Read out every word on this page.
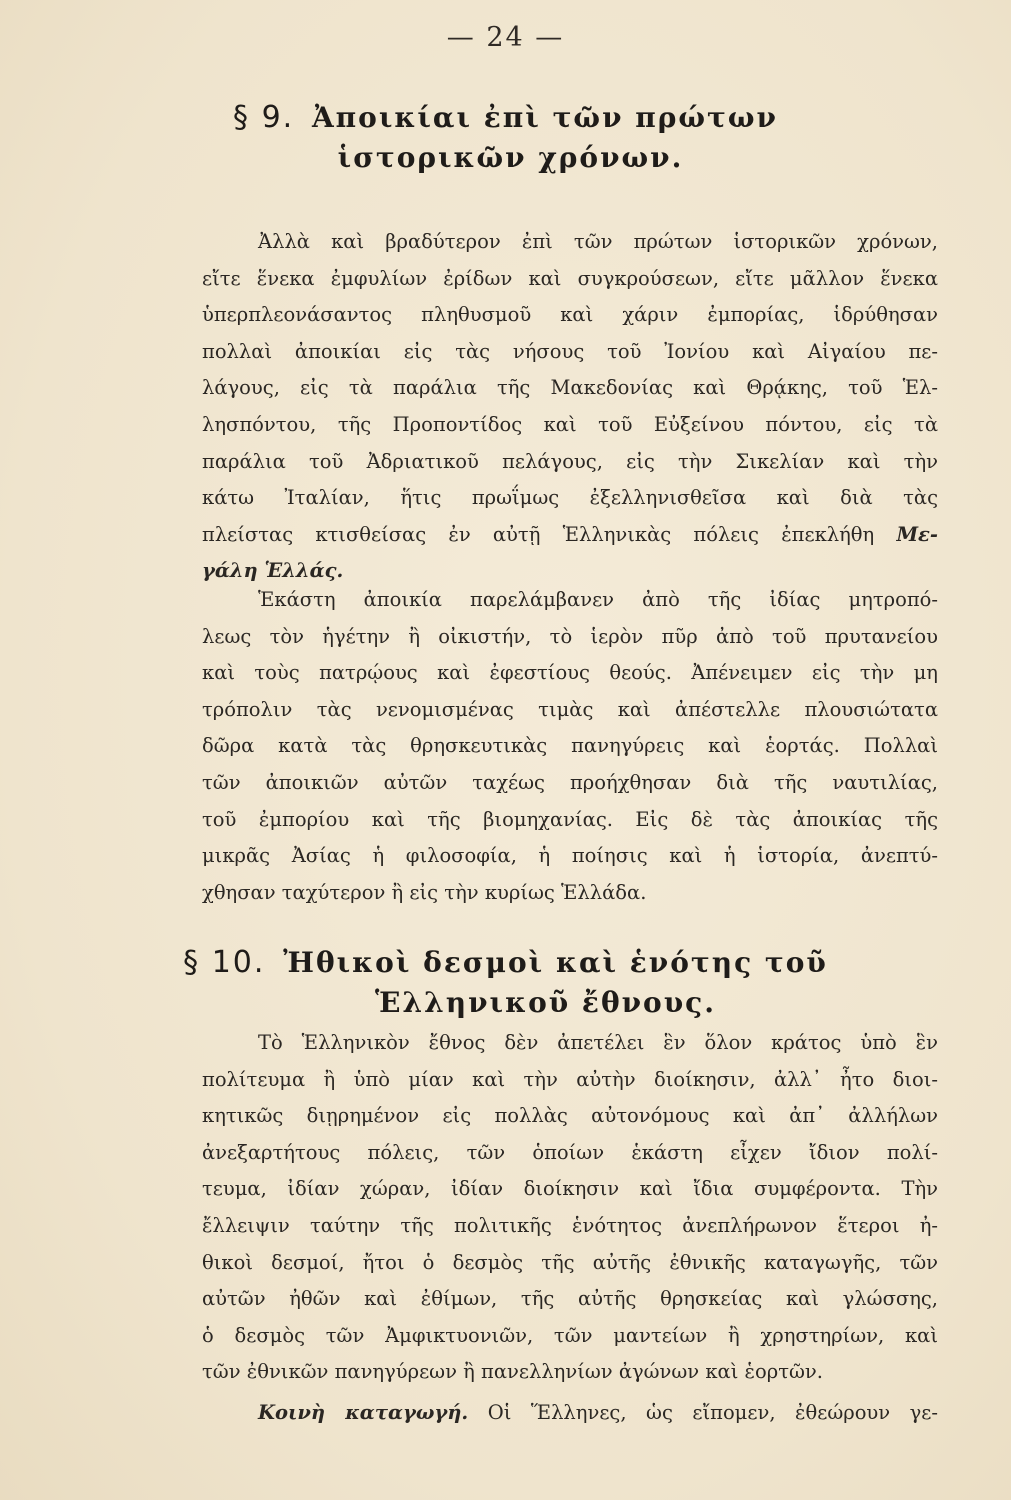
— 24 —
§ 9. Ἀποικίαι ἐπὶ τῶν πρώτων
ἱστορικῶν χρόνων.
Ἀλλὰ καὶ βραδύτερον ἐπὶ τῶν πρώτων ἱστορικῶν χρόνων,
εἴτε ἕνεκα ἐμφυλίων ἐρίδων καὶ συγκρούσεων, εἴτε μᾶλλον ἕνεκα
ὑπερπλεονάσαντος πληθυσμοῦ καὶ χάριν ἐμπορίας, ἱδρύθησαν
πολλαὶ ἀποικίαι εἰς τὰς νήσους τοῦ Ἰονίου καὶ Αἰγαίου πε-
λάγους, εἰς τὰ παράλια τῆς Μακεδονίας καὶ Θρᾴκης, τοῦ Ἑλ-
λησπόντου, τῆς Προποντίδος καὶ τοῦ Εὐξείνου πόντου, εἰς τὰ
παράλια τοῦ Ἀδριατικοῦ πελάγους, εἰς τὴν Σικελίαν καὶ τὴν
κάτω Ἰταλίαν, ἥτις πρωΐμως ἐξελληνισθεῖσα καὶ διὰ τὰς
πλείστας κτισθείσας ἐν αὐτῇ Ἑλληνικὰς πόλεις ἐπεκλήθη Με-
γάλη Ἑλλάς.
Ἑκάστη ἀποικία παρελάμβανεν ἀπὸ τῆς ἰδίας μητροπό-
λεως τὸν ἡγέτην ἢ οἰκιστήν, τὸ ἱερὸν πῦρ ἀπὸ τοῦ πρυτανείου
καὶ τοὺς πατρῴους καὶ ἐφεστίους θεούς. Ἀπένειμεν εἰς τὴν μη
τρόπολιν τὰς νενομισμένας τιμὰς καὶ ἀπέστελλε πλουσιώτατα
δῶρα κατὰ τὰς θρησκευτικὰς πανηγύρεις καὶ ἑορτάς. Πολλαὶ
τῶν ἀποικιῶν αὐτῶν ταχέως προήχθησαν διὰ τῆς ναυτιλίας,
τοῦ ἐμπορίου καὶ τῆς βιομηχανίας. Εἰς δὲ τὰς ἀποικίας τῆς
μικρᾶς Ἀσίας ἡ φιλοσοφία, ἡ ποίησις καὶ ἡ ἱστορία, ἀνεπτύ-
χθησαν ταχύτερον ἢ εἰς τὴν κυρίως Ἑλλάδα.
§ 10. Ἠθικοὶ δεσμοὶ καὶ ἑνότης τοῦ
Ἑλληνικοῦ ἔθνους.
Τὸ Ἑλληνικὸν ἔθνος δὲν ἀπετέλει ἓν ὅλον κράτος ὑπὸ ἓν
πολίτευμα ἢ ὑπὸ μίαν καὶ τὴν αὐτὴν διοίκησιν, ἀλλ᾽ ἦτο διοι-
κητικῶς διῃρημένον εἰς πολλὰς αὐτονόμους καὶ ἀπ᾽ ἀλλήλων
ἀνεξαρτήτους πόλεις, τῶν ὁποίων ἑκάστη εἶχεν ἴδιον πολί-
τευμα, ἰδίαν χώραν, ἰδίαν διοίκησιν καὶ ἴδια συμφέροντα. Τὴν
ἔλλειψιν ταύτην τῆς πολιτικῆς ἑνότητος ἀνεπλήρωνον ἕτεροι ἠ-
θικοὶ δεσμοί, ἤτοι ὁ δεσμὸς τῆς αὐτῆς ἐθνικῆς καταγωγῆς, τῶν
αὐτῶν ἠθῶν καὶ ἐθίμων, τῆς αὐτῆς θρησκείας καὶ γλώσσης,
ὁ δεσμὸς τῶν Ἀμφικτυονιῶν, τῶν μαντείων ἢ χρηστηρίων, καὶ
τῶν ἐθνικῶν πανηγύρεων ἢ πανελληνίων ἀγώνων καὶ ἑορτῶν.
Κοινὴ καταγωγή. Οἱ Ἕλληνες, ὡς εἴπομεν, ἐθεώρουν γε-
